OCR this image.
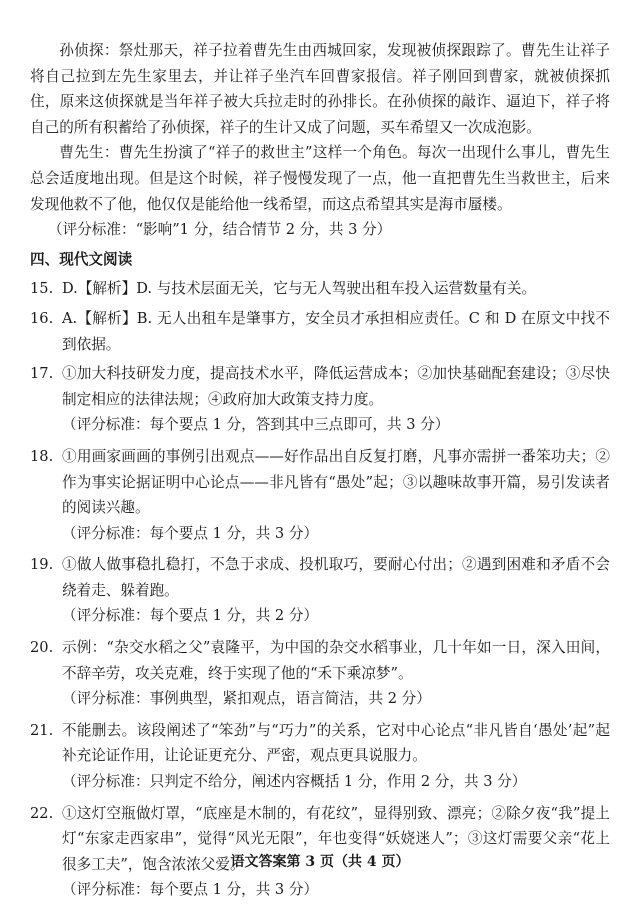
孙侦探：祭灶那天，祥子拉着曹先生由西城回家，发现被侦探跟踪了。曹先生让祥子将自己拉到左先生家里去，并让祥子坐汽车回曹家报信。祥子刚回到曹家，就被侦探抓住，原来这侦探就是当年祥子被大兵拉走时的孙排长。在孙侦探的敲诈、逼迫下，祥子将自己的所有积蓄给了孙侦探，祥子的生计又成了问题，买车希望又一次成泡影。

曹先生：曹先生扮演了“祥子的救世主”这样一个角色。每次一出现什么事儿，曹先生总会适度地出现。但是这个时候，祥子慢慢发现了一点，他一直把曹先生当救世主，后来发现他救不了他，他仅仅是能给他一线希望，而这点希望其实是海市蜃楼。

（评分标准：“影响”1 分，结合情节 2 分，共 3 分）

四、现代文阅读

15. D.【解析】D. 与技术层面无关，它与无人驾驶出租车投入运营数量有关。
16. A.【解析】B. 无人出租车是肇事方，安全员才承担相应责任。C 和 D 在原文中找不到依据。
17. ①加大科技研发力度，提高技术水平，降低运营成本；②加快基础配套建设；③尽快制定相应的法律法规；④政府加大政策支持力度。

（评分标准：每个要点 1 分，答到其中三点即可，共 3 分）

18. ①用画家画画的事例引出观点——好作品出自反复打磨，凡事亦需拼一番笨功夫；②作为事实论据证明中心论点——非凡皆有“愚处”起；③以趣味故事开篇，易引发读者的阅读兴趣。

（评分标准：每个要点 1 分，共 3 分）

19. ①做人做事稳扎稳打，不急于求成、投机取巧，要耐心付出；②遇到困难和矛盾不会绕着走、躲着跑。

（评分标准：每个要点 1 分，共 2 分）

20. 示例：“杂交水稻之父”袁隆平，为中国的杂交水稻事业，几十年如一日，深入田间，不辞辛劳，攻关克难，终于实现了他的“禾下乘凉梦”。

（评分标准：事例典型，紧扣观点，语言简洁，共 2 分）

21. 不能删去。该段阐述了“笨劲”与“巧力”的关系，它对中心论点“非凡皆自‘愚处’起”起补充论证作用，让论证更充分、严密，观点更具说服力。

（评分标准：只判定不给分，阐述内容概括 1 分，作用 2 分，共 3 分）

22. ①这灯空瓶做灯罩，“底座是木制的，有花纹”，显得别致、漂亮；②除夕夜“我”提上灯“东家走西家串”，觉得“风光无限”，年也变得“妖娆迷人”；③这灯需要父亲“花上很多工夫”，饱含浓浓父爱。

（评分标准：每个要点 1 分，共 3 分）

语文答案第 3 页（共 4 页）
